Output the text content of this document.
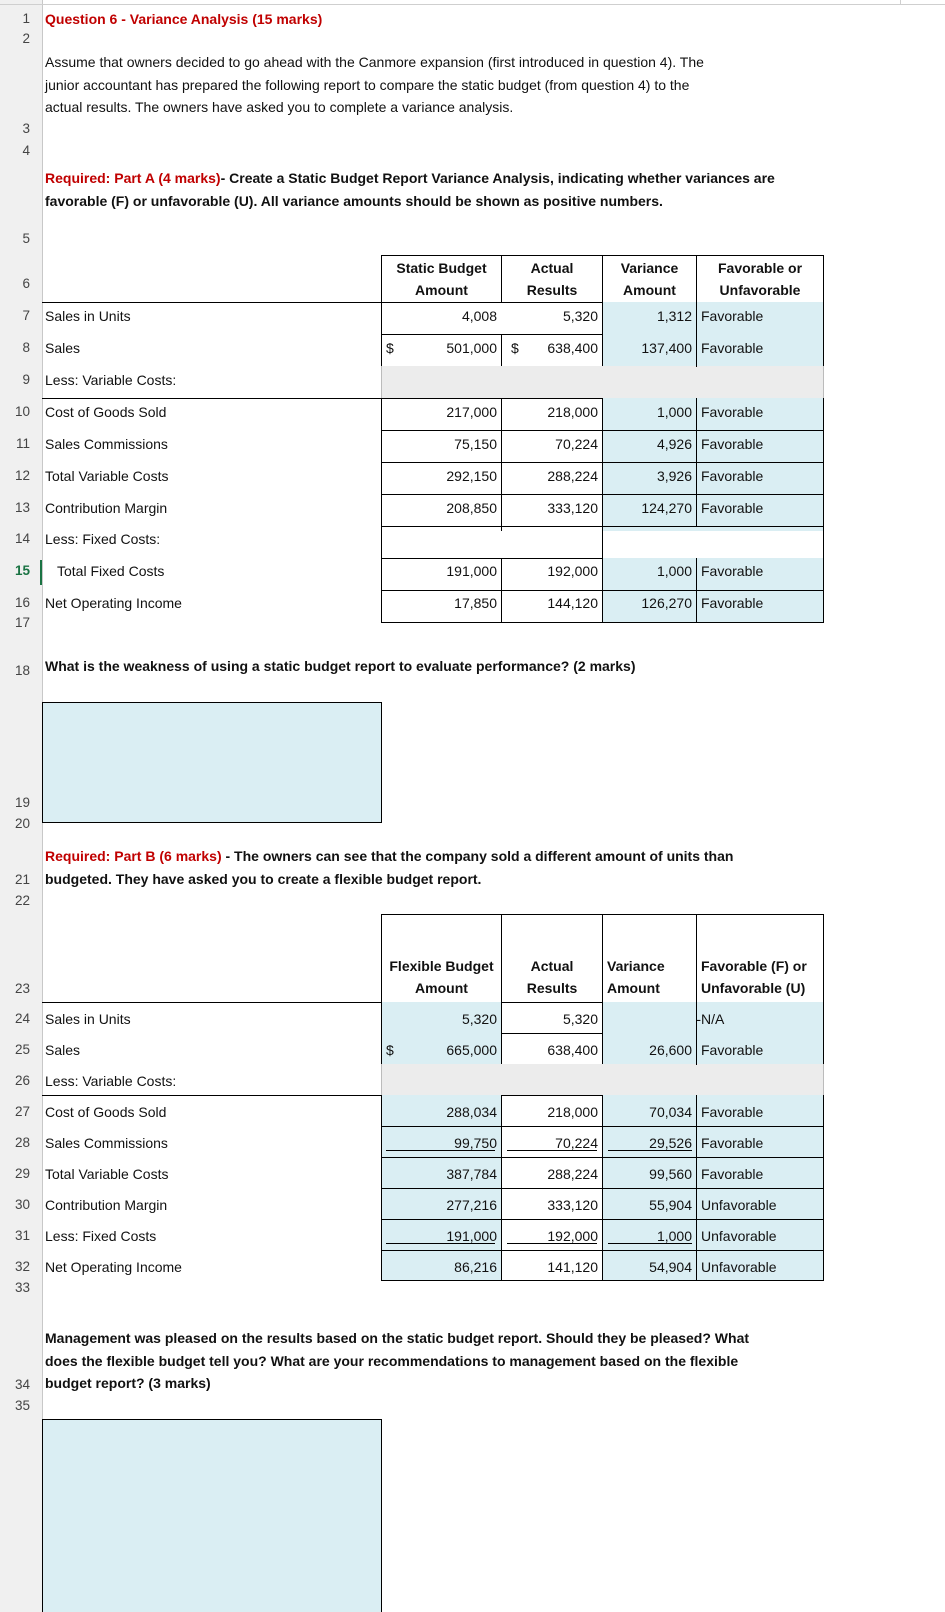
1
2
3
4
5
6
7
8
9
10
11
12
13
14
15
16
17
18
19
20
21
22
23
24
25
26
27
28
29
30
31
32
33
34
35
Question 6 - Variance Analysis (15 marks)
Assume that owners decided to go ahead with the Canmore expansion (first introduced in question 4). The
junior accountant has prepared the following report to compare the static budget (from question 4) to the
actual results. The owners have asked you to complete a variance analysis.
Required: Part A (4 marks)- Create a Static Budget Report Variance Analysis, indicating whether variances are
favorable (F) or unfavorable (U). All variance amounts should be shown as positive numbers.
Static Budget
Amount
Actual
Results
Variance
Amount
Favorable or
Unfavorable
Sales in Units
Sales
Less: Variable Costs:
Cost of Goods Sold
Sales Commissions
Total Variable Costs
Contribution Margin
Less: Fixed Costs:
Total Fixed Costs
Net Operating Income
$	$
4,008
501,000
217,000
75,150
292,150
208,850
191,000
17,850
5,320
638,400
218,000
70,224
288,224
333,120
192,000
144,120
1,312
137,400
1,000
4,926
3,926
124,270
1,000
126,270
Favorable
Favorable
Favorable
Favorable
Favorable
Favorable
Favorable
Favorable
What is the weakness of using a static budget report to evaluate performance? (2 marks)
Required: Part B (6 marks) - The owners can see that the company sold a different amount of units than
budgeted. They have asked you to create a flexible budget report.
Flexible Budget
Amount
Actual
Results
Variance
Amount
Favorable (F) or
Unfavorable (U)
Sales in Units
Sales
Less: Variable Costs:
Cost of Goods Sold
Sales Commissions
Total Variable Costs
Contribution Margin
Less: Fixed Costs
Net Operating Income
$
5,320
665,000
288,034
99,750
387,784
277,216
191,000
86,216
5,320
638,400
218,000
70,224
288,224
333,120
192,000
141,120
-
26,600
70,034
29,526
99,560
55,904
1,000
54,904
N/A
Favorable
Favorable
Favorable
Favorable
Unfavorable
Unfavorable
Unfavorable
Management was pleased on the results based on the static budget report. Should they be pleased? What
does the flexible budget tell you? What are your recommendations to management based on the flexible
budget report? (3 marks)
